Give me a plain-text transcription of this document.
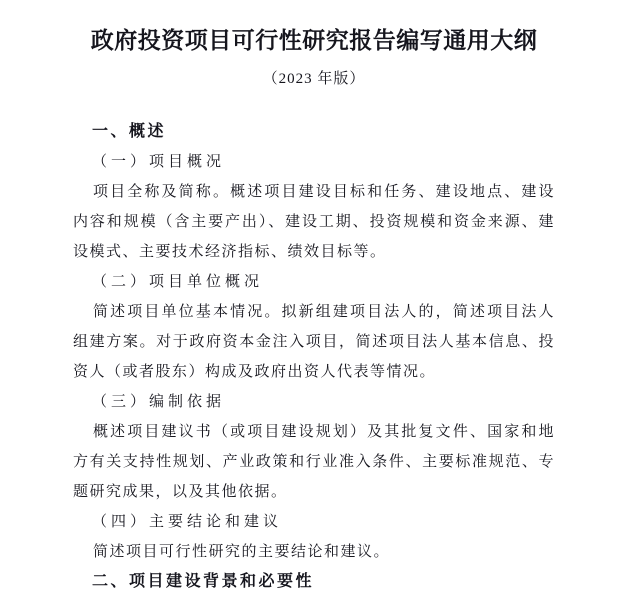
政府投资项目可行性研究报告编写通用大纲
（2023 年版）
一、概述
（一）项目概况
项目全称及简称。概述项目建设目标和任务、建设地点、建设
内容和规模（含主要产出）、建设工期、投资规模和资金来源、建
设模式、主要技术经济指标、绩效目标等。
（二）项目单位概况
简述项目单位基本情况。拟新组建项目法人的，简述项目法人
组建方案。对于政府资本金注入项目，简述项目法人基本信息、投
资人（或者股东）构成及政府出资人代表等情况。
（三）编制依据
概述项目建议书（或项目建设规划）及其批复文件、国家和地
方有关支持性规划、产业政策和行业准入条件、主要标准规范、专
题研究成果，以及其他依据。
（四）主要结论和建议
简述项目可行性研究的主要结论和建议。
二、项目建设背景和必要性
